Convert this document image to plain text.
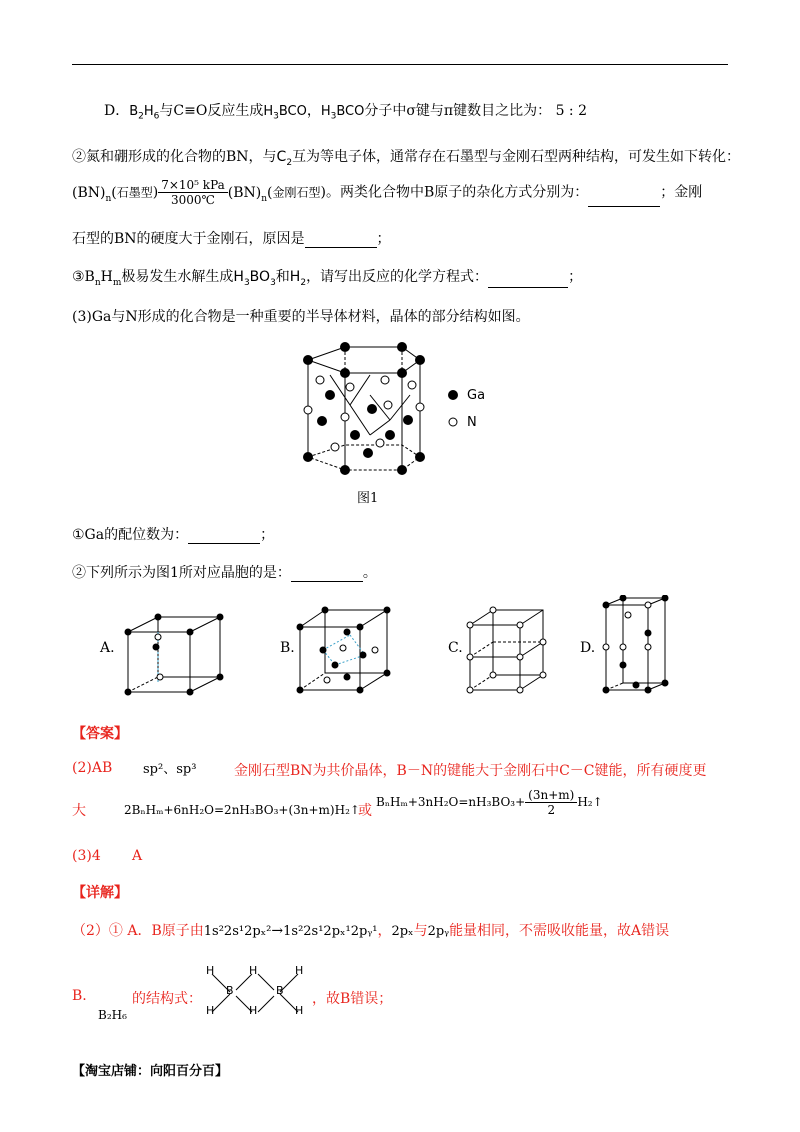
D．$B_2H_6$与C≡O反应生成$H_3BCO$，$H_3BCO$分子中σ键与π键数目之比为： 5 : 2
②氮和硼形成的化合物的BN，与$C_2$互为等电子体，通常存在石墨型与金刚石型两种结构，可发生如下转化：
$(BN)_n$(石墨型) $\frac{\text{7×10⁵ kPa}}{3000℃} (BN)_n$(金刚石型)。两类化合物中B原子的杂化方式分别为：	；金刚
石型的BN的硬度大于金刚石，原因是	；
$③B_nH_m$极易发生水解生成$H_3BO_3$和$H_2$，请写出反应的化学方程式：	；
(3)Ga与N形成的化合物是一种重要的半导体材料，晶体的部分结构如图。
Ga
N
图1
①Ga的配位数为：	；
②下列所示为图1所对应晶胞的是：	。
A.	B.	C.	D.
【答案】
(2)AB sp²、sp³	金刚石型BN为共价晶体，B－N的键能大于金刚石中C－C键能，所有硬度更
大	2BₙHₘ+6nH₂O=2nH₃BO₃+(3n+m)H₂↑
或
$B_nH_m+3nH_2O=nH_3BO_3+ \frac{(3n+m)}{2}$ H₂↑
(3)4 A
【详解】
（2）① A．B原子由1s²2s¹2pₓ²→1s²2s¹2pₓ¹2pᵧ¹，2pₓ与2pᵧ能量相同，不需吸收能量，故A错误
B.	的结构式：
B₂H₆
H
H
B
H
H
B
H
H
，故B错误；
【淘宝店铺：向阳百分百】
